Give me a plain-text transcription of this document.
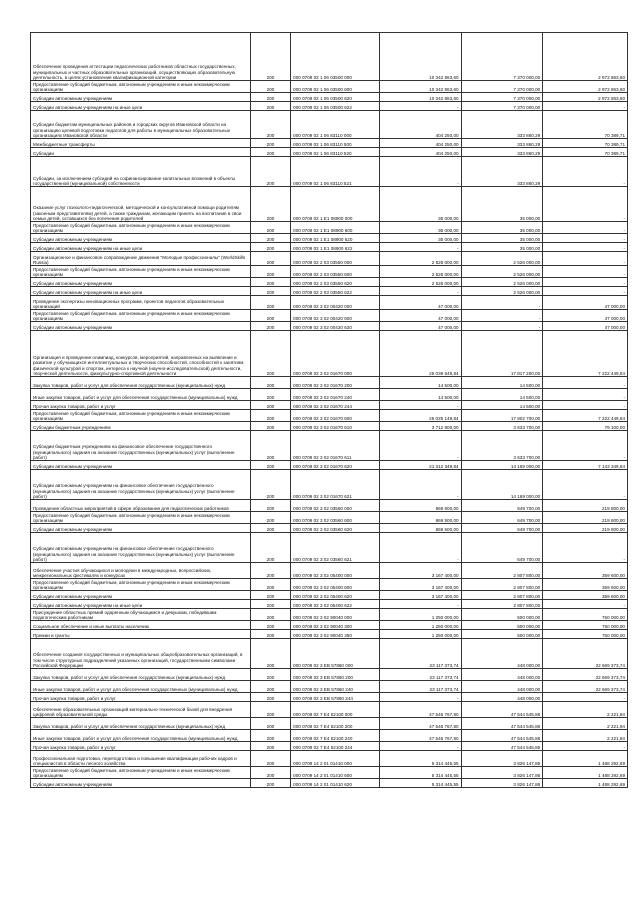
Обеспечение проведения аттестации педагогических работников областных государственных, муниципальных и частных образовательных организаций, осуществляющих образовательную деятельность, в целях установления квалификационной категории	200	000 0709 02 1 06 03500 000	10 342 863,60	7 370 000,00	2 972 863,60
Предоставление субсидий бюджетным, автономным учреждениям и иным некоммерческим организациям	200	000 0709 02 1 06 03500 600	10 342 863,60	7 370 000,00	2 972 863,60
Субсидии автономным учреждениям	200	000 0709 02 1 06 03500 620	10 342 863,60	7 370 000,00	2 972 863,60
Субсидии автономным учреждениям на иные цели	200	000 0709 02 1 06 03500 622	-	7 370 000,00	-
Субсидии бюджетам муниципальных районов и городских округов Ивановской области на организацию целевой подготовки педагогов для работы в муниципальных образовательных организациях Ивановской области	200	000 0709 02 1 06 83110 000	404 250,00	333 860,29	70 389,71
Межбюджетные трансферты	200	000 0709 02 1 06 83110 500	404 250,00	333 860,29	70 389,71
Субсидии	200	000 0709 02 1 06 83110 520	404 250,00	333 860,29	70 389,71
Субсидии, за исключением субсидий на софинансирование капитальных вложений в объекты государственной (муниципальной) собственности	200	000 0709 02 1 06 83110 521	-	333 860,29	-
Оказание услуг психолого-педагогической, методической и консультативной помощи родителям (законным представителям) детей, а также гражданам, желающим принять на воспитание в свои семьи детей, оставшихся без попечения родителей	200	000 0709 02 1 E1 08900 000	35 000,00	35 000,00	-
Предоставление субсидий бюджетным, автономным учреждениям и иным некоммерческим организациям	200	000 0709 02 1 E1 08900 600	35 000,00	35 000,00	-
Субсидии автономным учреждениям	200	000 0709 02 1 E1 08900 620	35 000,00	35 000,00	-
Субсидии автономным учреждениям на иные цели	200	000 0709 02 1 E1 08900 622	-	35 000,00	-
Организационное и финансовое сопровождение движения "Молодые профессионалы" (WorldSkills Russia)	200	000 0709 02 2 03 03550 000	2 526 000,00	2 526 000,00	-
Предоставление субсидий бюджетным, автономным учреждениям и иным некоммерческим организациям	200	000 0709 02 2 03 03550 600	2 526 000,00	2 526 000,00	-
Субсидии автономным учреждениям	200	000 0709 02 2 03 03550 620	2 526 000,00	2 526 000,00	-
Субсидии автономным учреждениям на иные цели	200	000 0709 02 2 03 03550 622	-	2 526 000,00	-
Проведение экспертизы инновационных программ, проектов педагогов образовательных организаций	200	000 0709 02 3 02 00420 000	47 000,00	-	47 000,00
Предоставление субсидий бюджетным, автономным учреждениям и иным некоммерческим организациям	200	000 0709 02 3 02 00420 600	47 000,00	-	47 000,00
Субсидии автономным учреждениям	200	000 0709 02 3 02 00420 620	47 000,00	-	47 000,00
Организация и проведение олимпиад, конкурсов, мероприятий, направленных на выявление и развитие у обучающихся интеллектуальных и творческих способностей, способностей к занятиям физической культурой и спортом, интереса к научной (научно-исследовательской) деятельности, творческой деятельности, физкультурно-спортивной деятельности	200	000 0709 02 3 02 01670 000	25 039 649,84	17 817 200,00	7 222 449,84
Закупка товаров, работ и услуг для обеспечения государственных (муниципальных) нужд	200	000 0709 02 3 02 01670 200	14 500,00	14 500,00	-
Иные закупки товаров, работ и услуг для обеспечения государственных (муниципальных) нужд	200	000 0709 02 3 02 01670 240	14 500,00	14 500,00	-
Прочая закупка товаров, работ и услуг	200	000 0709 02 3 02 01670 244	-	14 500,00	-
Предоставление субсидий бюджетным, автономным учреждениям и иным некоммерческим организациям	200	000 0709 02 3 02 01670 600	25 025 149,84	17 802 700,00	7 222 449,84
Субсидии бюджетным учреждениям	200	000 0709 02 3 02 01670 610	3 712 800,00	3 633 700,00	79 100,00
Субсидии бюджетным учреждениям на финансовое обеспечение государственного (муниципального) задания на оказание государственных (муниципальных) услуг (выполнение работ)	200	000 0709 02 3 02 01670 611	-	3 633 700,00	-
Субсидии автономным учреждениям	200	000 0709 02 3 02 01670 620	21 312 349,84	14 169 000,00	7 143 349,84
Субсидии автономным учреждениям на финансовое обеспечение государственного (муниципального) задания на оказание государственных (муниципальных) услуг (выполнение работ)	200	000 0709 02 3 02 01670 621	-	14 169 000,00	-
Проведение областных мероприятий в сфере образования для педагогических работников	200	000 0709 02 3 02 03560 000	869 500,00	649 700,00	219 800,00
Предоставление субсидий бюджетным, автономным учреждениям и иным некоммерческим организациям	200	000 0709 02 3 02 03560 600	869 500,00	649 700,00	219 800,00
Субсидии автономным учреждениям	200	000 0709 02 3 02 03560 620	869 500,00	649 700,00	219 800,00
Субсидии автономным учреждениям на финансовое обеспечение государственного (муниципального) задания на оказание государственных (муниципальных) услуг (выполнение работ)	200	000 0709 02 3 02 03560 621	-	649 700,00	-
Обеспечение участия обучающихся и молодежи в международных, всероссийских, межрегиональных фестивалях и конкурсах	200	000 0709 02 3 02 05400 000	3 167 400,00	2 807 800,00	359 600,00
Предоставление субсидий бюджетным, автономным учреждениям и иным некоммерческим организациям	200	000 0709 02 3 02 05400 600	3 167 400,00	2 807 800,00	359 600,00
Субсидии автономным учреждениям	200	000 0709 02 3 02 05400 620	3 167 400,00	2 807 800,00	359 600,00
Субсидии автономным учреждениям на иные цели	200	000 0709 02 3 02 05400 622	-	2 807 800,00	-
Присуждение областных премий одаренным обучающимся и девушкам, победившим педагогическим работникам	200	000 0709 02 3 02 90040 000	1 250 000,00	500 000,00	750 000,00
Социальное обеспечение и иные выплаты населению	200	000 0709 02 3 02 90040 300	1 250 000,00	500 000,00	750 000,00
Премии и гранты	200	000 0709 02 3 02 90040 350	1 250 000,00	500 000,00	750 000,00
Обеспечение создания государственных и муниципальных общеобразовательных организаций, в том числе структурных подразделений указанных организаций, государственными символами Российской Федерации	200	000 0709 02 3 EВ 57860 000	23 117 373,74	448 000,00	22 669 373,74
Закупка товаров, работ и услуг для обеспечения государственных (муниципальных) нужд	200	000 0709 02 3 EВ 57860 200	23 117 373,74	448 000,00	22 669 373,74
Иные закупки товаров, работ и услуг для обеспечения государственных (муниципальных) нужд	200	000 0709 02 3 EВ 57860 240	23 117 373,74	448 000,00	22 669 373,74
Прочая закупка товаров, работ и услуг	200	000 0709 02 3 EВ 57860 244	-	448 000,00	-
Обеспечение образовательных организаций материально-технической базой для внедрения цифровой образовательной среды	200	000 0709 02 7 E4 52100 000	47 546 767,80	47 544 545,86	2 221,94
Закупка товаров, работ и услуг для обеспечения государственных (муниципальных) нужд	200	000 0709 02 7 E4 52100 200	47 546 767,80	47 544 545,86	2 221,94
Иные закупки товаров, работ и услуг для обеспечения государственных (муниципальных) нужд	200	000 0709 02 7 E4 52100 240	47 546 767,80	47 544 545,86	2 221,94
Прочая закупка товаров, работ и услуг	200	000 0709 02 7 E4 52100 244	-	47 544 545,86	-
Профессиональная подготовка, переподготовка и повышение квалификации рабочих кадров и специалистов в области лесного хозяйства	200	000 0709 14 2 01 01410 000	5 314 445,55	3 826 147,86	1 488 292,69
Предоставление субсидий бюджетным, автономным учреждениям и иным некоммерческим организациям	200	000 0709 14 2 01 01410 600	5 314 445,55	3 826 147,86	1 488 292,69
Субсидии автономным учреждениям	200	000 0709 14 2 01 01410 620	5 314 445,55	3 826 147,86	1 488 292,69
